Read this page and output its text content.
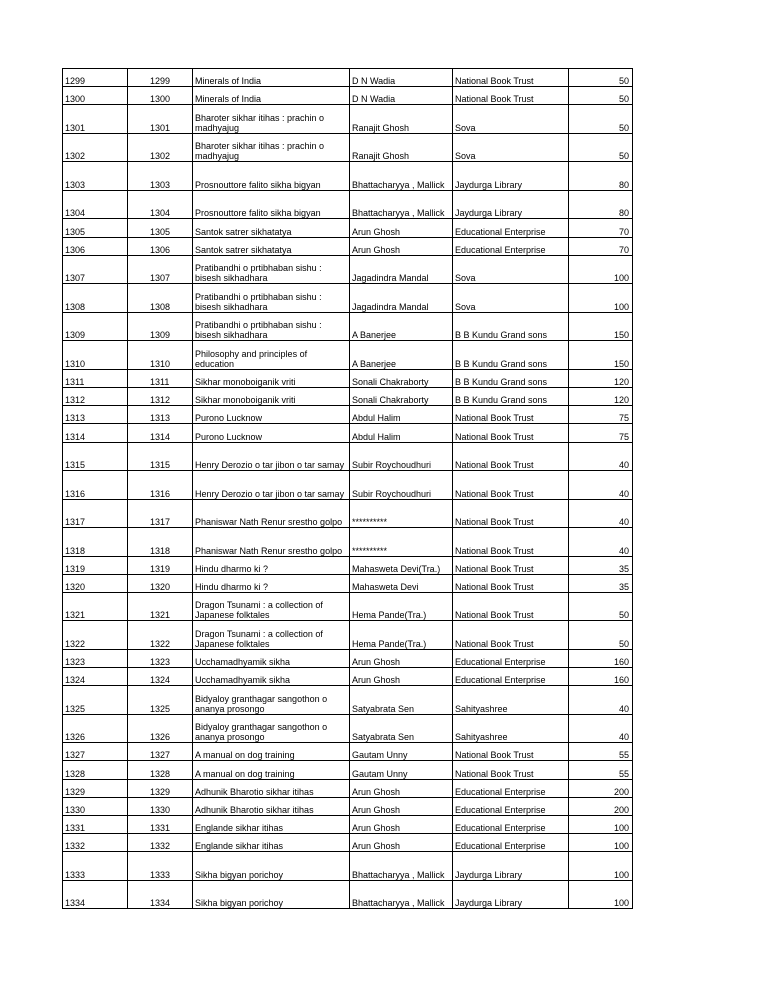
1299	1299	Minerals of India	D N Wadia	National Book Trust	50
1300	1300	Minerals of India	D N Wadia	National Book Trust	50
1301	1301	Bharoter sikhar itihas : prachin o madhyajug	Ranajit Ghosh	Sova	50
1302	1302	Bharoter sikhar itihas : prachin o madhyajug	Ranajit Ghosh	Sova	50
1303	1303	Prosnouttore falito sikha bigyan	Bhattacharyya , Mallick	Jaydurga Library	80
1304	1304	Prosnouttore falito sikha bigyan	Bhattacharyya , Mallick	Jaydurga Library	80
1305	1305	Santok satrer sikhatatya	Arun Ghosh	Educational Enterprise	70
1306	1306	Santok satrer sikhatatya	Arun Ghosh	Educational Enterprise	70
1307	1307	Pratibandhi o prtibhaban sishu : bisesh sikhadhara	Jagadindra Mandal	Sova	100
1308	1308	Pratibandhi o prtibhaban sishu : bisesh sikhadhara	Jagadindra Mandal	Sova	100
1309	1309	Pratibandhi o prtibhaban sishu : bisesh sikhadhara	A Banerjee	B B Kundu Grand sons	150
1310	1310	Philosophy and principles of education	A Banerjee	B B Kundu Grand sons	150
1311	1311	Sikhar monoboiganik vriti	Sonali Chakraborty	B B Kundu Grand sons	120
1312	1312	Sikhar monoboiganik vriti	Sonali Chakraborty	B B Kundu Grand sons	120
1313	1313	Purono Lucknow	Abdul Halim	National Book Trust	75
1314	1314	Purono Lucknow	Abdul Halim	National Book Trust	75
1315	1315	Henry Derozio o tar jibon o tar samay	Subir Roychoudhuri	National Book Trust	40
1316	1316	Henry Derozio o tar jibon o tar samay	Subir Roychoudhuri	National Book Trust	40
1317	1317	Phaniswar Nath Renur srestho golpo	**********	National Book Trust	40
1318	1318	Phaniswar Nath Renur srestho golpo	**********	National Book Trust	40
1319	1319	Hindu dharmo ki ?	Mahasweta Devi(Tra.)	National Book Trust	35
1320	1320	Hindu dharmo ki ?	Mahasweta Devi	National Book Trust	35
1321	1321	Dragon Tsunami : a collection of Japanese folktales	Hema Pande(Tra.)	National Book Trust	50
1322	1322	Dragon Tsunami : a collection of Japanese folktales	Hema Pande(Tra.)	National Book Trust	50
1323	1323	Ucchamadhyamik sikha	Arun Ghosh	Educational Enterprise	160
1324	1324	Ucchamadhyamik sikha	Arun Ghosh	Educational Enterprise	160
1325	1325	Bidyaloy granthagar sangothon o ananya prosongo	Satyabrata Sen	Sahityashree	40
1326	1326	Bidyaloy granthagar sangothon o ananya prosongo	Satyabrata Sen	Sahityashree	40
1327	1327	A manual on dog training	Gautam Unny	National Book Trust	55
1328	1328	A manual on dog training	Gautam Unny	National Book Trust	55
1329	1329	Adhunik Bharotio sikhar itihas	Arun Ghosh	Educational Enterprise	200
1330	1330	Adhunik Bharotio sikhar itihas	Arun Ghosh	Educational Enterprise	200
1331	1331	Englande sikhar itihas	Arun Ghosh	Educational Enterprise	100
1332	1332	Englande sikhar itihas	Arun Ghosh	Educational Enterprise	100
1333	1333	Sikha bigyan porichoy	Bhattacharyya , Mallick	Jaydurga Library	100
1334	1334	Sikha bigyan porichoy	Bhattacharyya , Mallick	Jaydurga Library	100
